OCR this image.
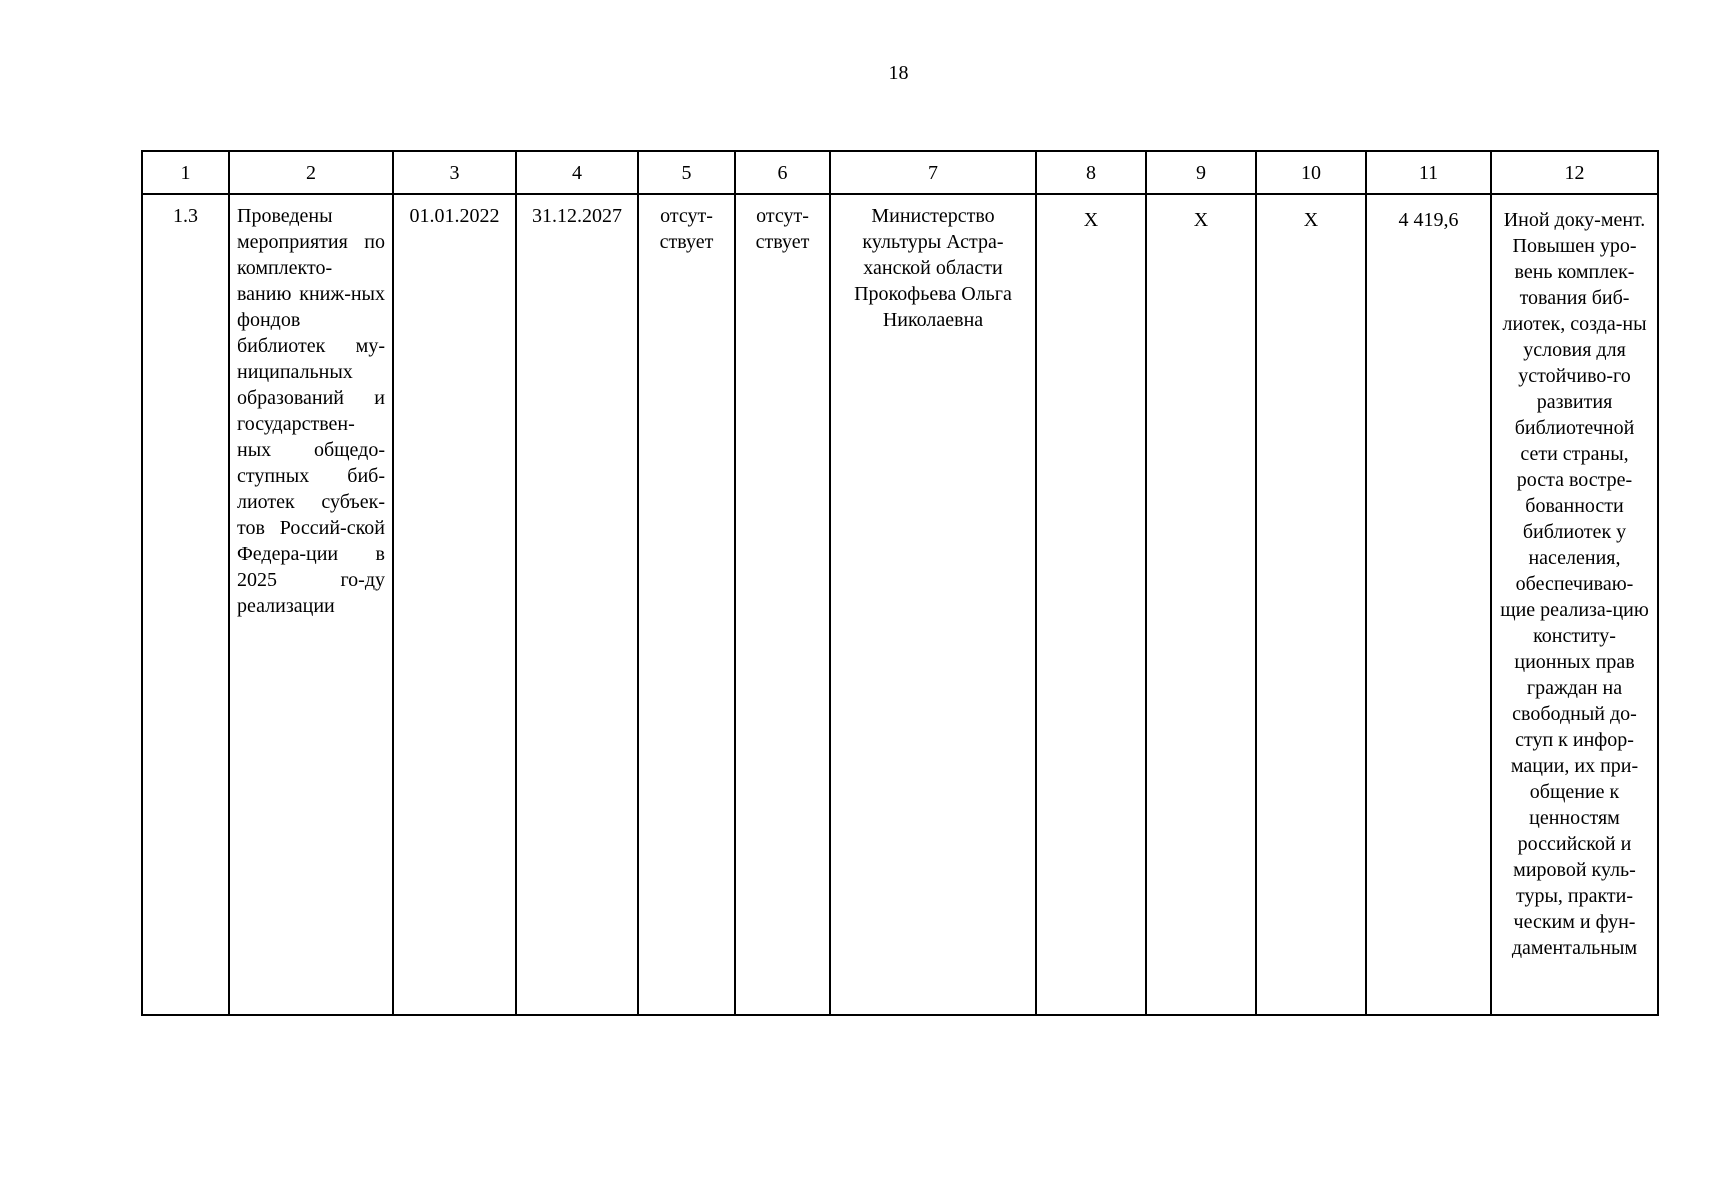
18
1	2	3	4	5	6	7	8	9	10	11	12
1.3	Проведены мероприятия по комплекто-ванию книж-ных фондов библиотек му-ниципальных образований и государствен-ных общедо-ступных биб-лиотек субъек-тов Россий-ской Федера-ции в 2025 го-ду реализации	01.01.2022	31.12.2027	отсут-ствует	отсут-ствует	Министерство культуры Астра-ханской области Прокофьева Ольга Николаевна	X	X	X	4 419,6	Иной доку-мент. Повышен уро-вень комплек-тования биб-лиотек, созда-ны условия для устойчиво-го развития библиотечной сети страны, роста востре-бованности библиотек у населения, обеспечиваю-щие реализа-цию конститу-ционных прав граждан на свободный до-ступ к инфор-мации, их при-общение к ценностям российской и мировой куль-туры, практи-ческим и фун-даментальным
